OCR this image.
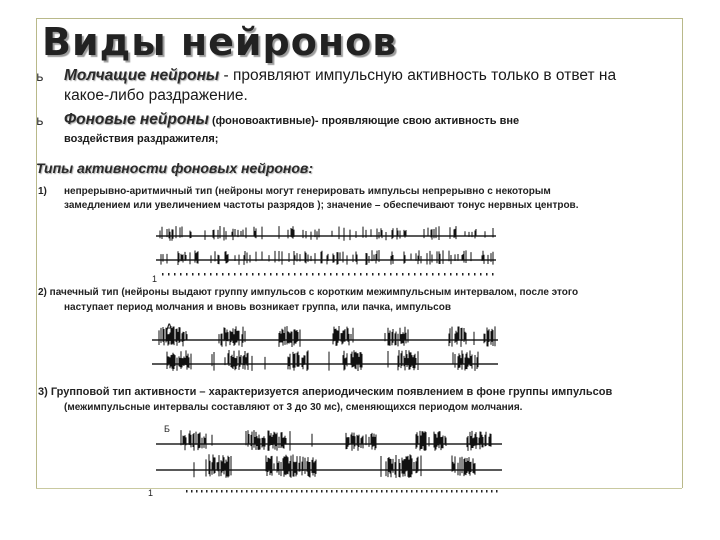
Виды нейронов
ь Молчащие нейроны - проявляют импульсную активность только в ответ на
какое-либо раздражение.
ь Фоновые нейроны (фоновоактивные)- проявляющие свою активность вне
воздействия раздражителя;
Типы активности фоновых нейронов:
1) непрерывно-аритмичный тип (нейроны могут генерировать импульсы непрерывно с некоторым
замедлением или увеличением частоты разрядов ); значение – обеспечивают тонус нервных центров.
1
2) пачечный тип (нейроны выдают группу импульсов с коротким межимпульсным интервалом, после этого
наступает период молчания и вновь возникает группа, или пачка, импульсов
А
3) Групповой тип активности – характеризуется апериодическим появлением в фоне группы импульсов
(межимпульсные интервалы составляют от 3 до 30 мс), сменяющихся периодом молчания.
Б
1
